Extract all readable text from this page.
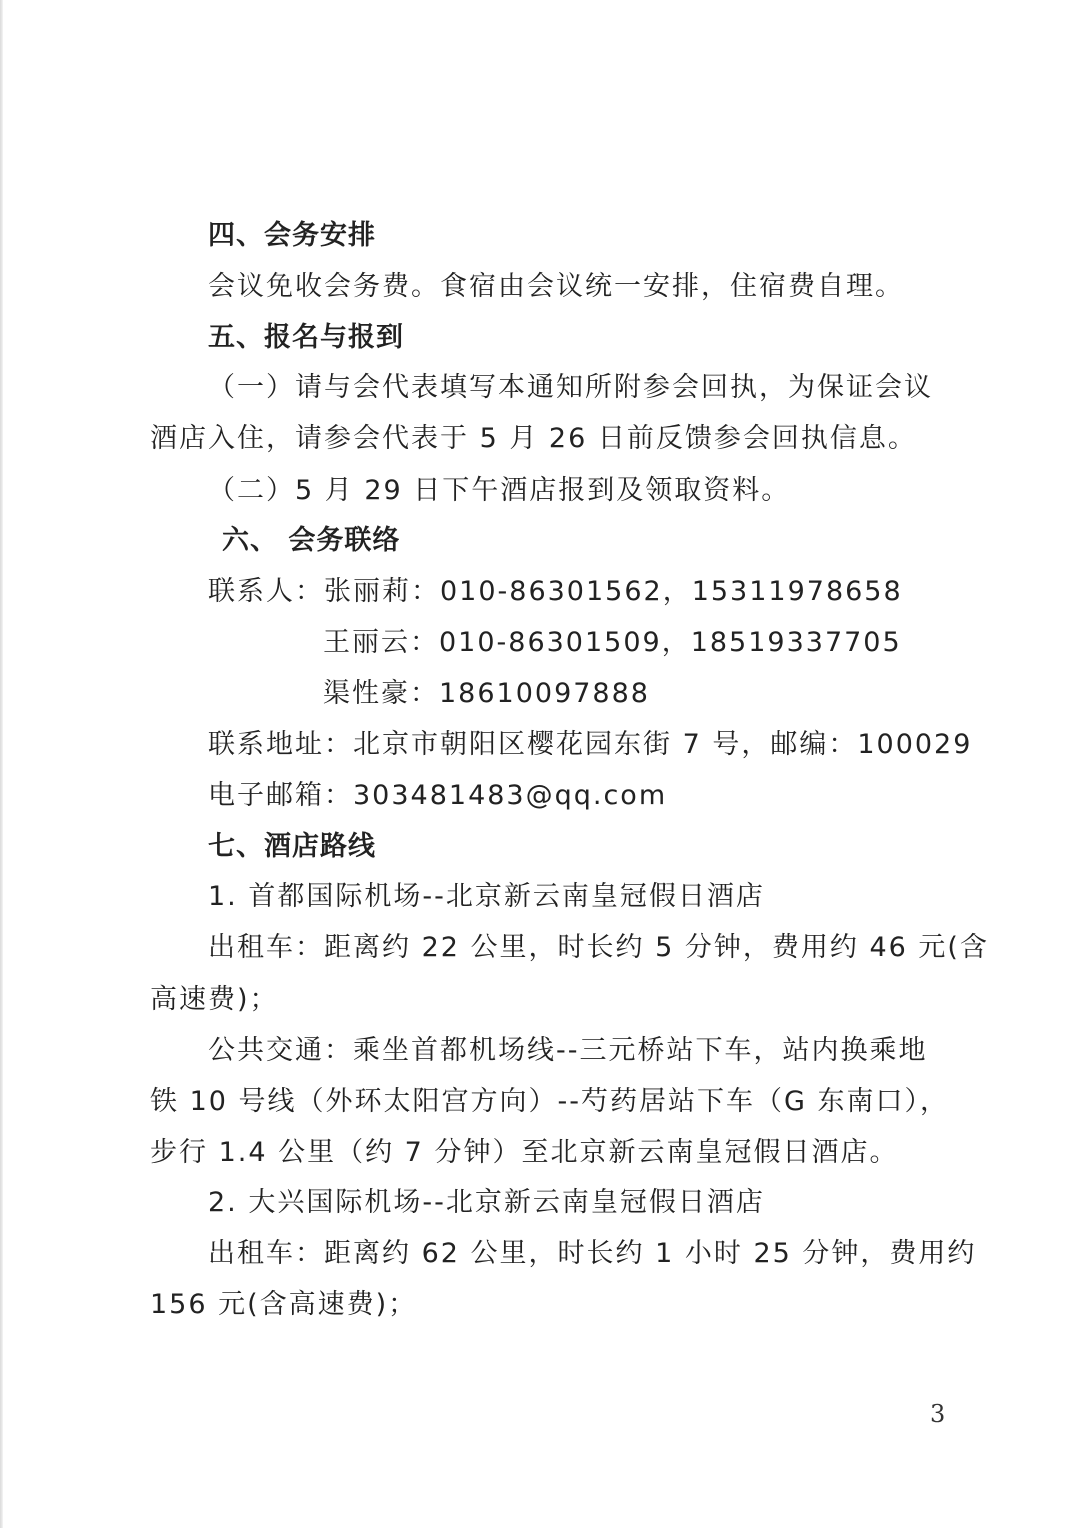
四、会务安排
会议免收会务费。食宿由会议统一安排，住宿费自理。
五、报名与报到
（一）请与会代表填写本通知所附参会回执，为保证会议
酒店入住，请参会代表于 5 月 26 日前反馈参会回执信息。
（二）5 月 29 日下午酒店报到及领取资料。
六、 会务联络
联系人：张丽莉：010-86301562，15311978658
王丽云：010-86301509，18519337705
渠性豪：18610097888
联系地址：北京市朝阳区樱花园东街 7 号，邮编：100029
电子邮箱：303481483@qq.com
七、酒店路线
1. 首都国际机场--北京新云南皇冠假日酒店
出租车：距离约 22 公里，时长约 5 分钟，费用约 46 元(含
高速费)；
公共交通：乘坐首都机场线--三元桥站下车，站内换乘地
铁 10 号线（外环太阳宫方向）--芍药居站下车（G 东南口），
步行 1.4 公里（约 7 分钟）至北京新云南皇冠假日酒店。
2. 大兴国际机场--北京新云南皇冠假日酒店
出租车：距离约 62 公里，时长约 1 小时 25 分钟，费用约
156 元(含高速费)；
3
